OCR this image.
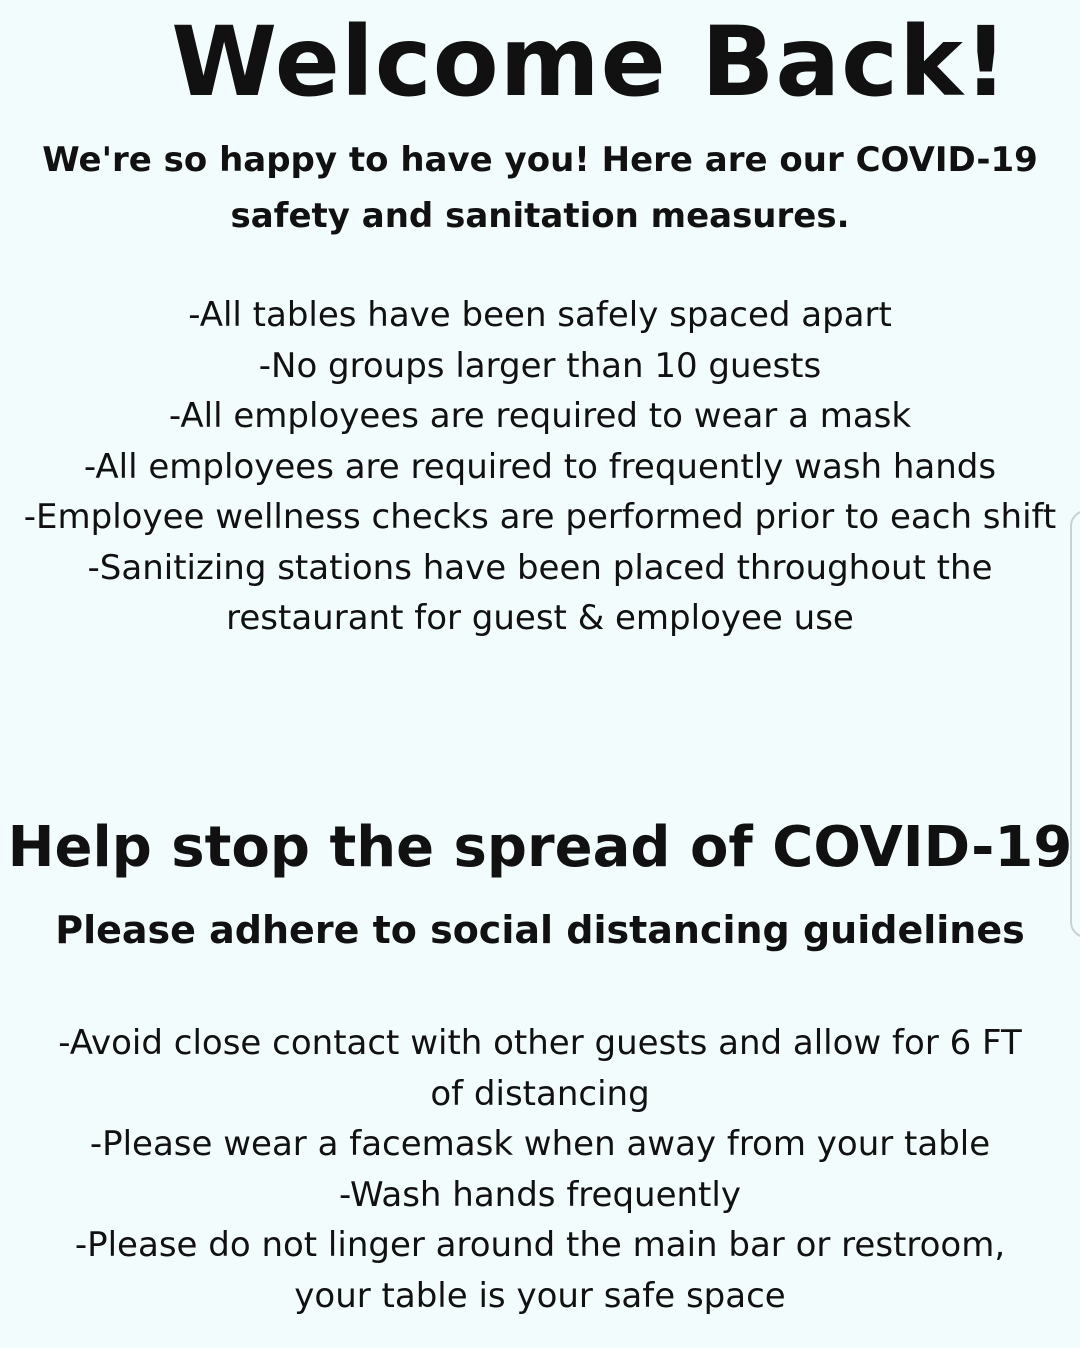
Welcome Back!
We're so happy to have you! Here are our COVID-19
safety and sanitation measures.
-All tables have been safely spaced apart
-No groups larger than 10 guests
-All employees are required to wear a mask
-All employees are required to frequently wash hands
-Employee wellness checks are performed prior to each shift
-Sanitizing stations have been placed throughout the
restaurant for guest & employee use
Help stop the spread of COVID-19
Please adhere to social distancing guidelines
-Avoid close contact with other guests and allow for 6 FT
of distancing
-Please wear a facemask when away from your table
-Wash hands frequently
-Please do not linger around the main bar or restroom,
your table is your safe space
